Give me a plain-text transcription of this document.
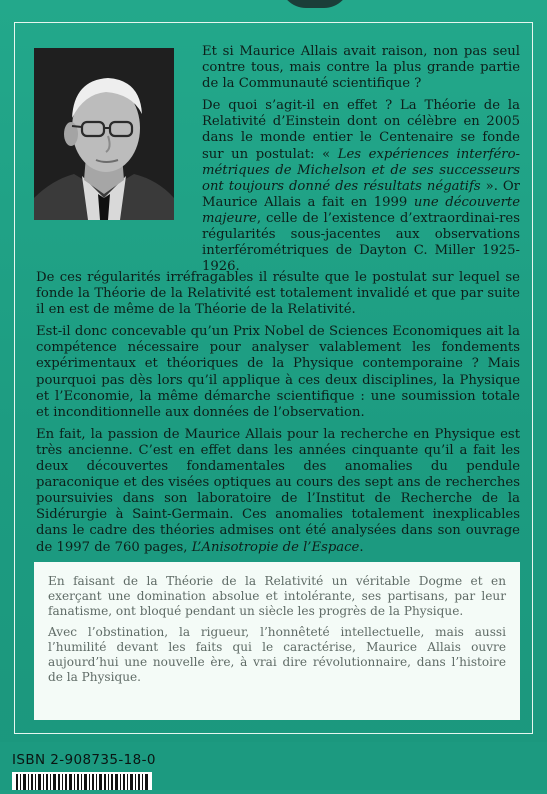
Et si Maurice Allais avait raison, non pas seul contre tous, mais contre la plus grande partie de la Communauté scientifique ?

De quoi s’agit-il en effet ? La Théorie de la Relativité d’Einstein dont on célèbre en 2005 dans le monde entier le Centenaire se fonde sur un postulat: « Les expériences interféro-métriques de Michelson et de ses successeurs ont toujours donné des résultats négatifs ». Or Maurice Allais a fait en 1999 une découverte majeure, celle de l’existence d’extraordinai-res régularités sous-jacentes aux observations interférométriques de Dayton C. Miller 1925-1926.

De ces régularités irréfragables il résulte que le postulat sur lequel se fonde la Théorie de la Relativité est totalement invalidé et que par suite il en est de même de la Théorie de la Relativité.

Est-il donc concevable qu’un Prix Nobel de Sciences Economiques ait la compétence nécessaire pour analyser valablement les fondements expérimentaux et théoriques de la Physique contemporaine ? Mais pourquoi pas dès lors qu’il applique à ces deux disciplines, la Physique et l’Economie, la même démarche scientifique : une soumission totale et inconditionnelle aux données de l’observation.

En fait, la passion de Maurice Allais pour la recherche en Physique est très ancienne. C’est en effet dans les années cinquante qu’il a fait les deux découvertes fondamentales des anomalies du pendule paraconique et des visées optiques au cours des sept ans de recherches poursuivies dans son laboratoire de l’Institut de Recherche de la Sidérurgie à Saint-Germain. Ces anomalies totalement inexplicables dans le cadre des théories admises ont été analysées dans son ouvrage de 1997 de 760 pages, L’Anisotropie de l’Espace.

En faisant de la Théorie de la Relativité un véritable Dogme et en exerçant une domination absolue et intolérante, ses partisans, par leur fanatisme, ont bloqué pendant un siècle les progrès de la Physique.

Avec l’obstination, la rigueur, l’honnêteté intellectuelle, mais aussi l’humilité devant les faits qui le caractérise, Maurice Allais ouvre aujourd’hui une nouvelle ère, à vrai dire révolutionnaire, dans l’histoire de la Physique.

ISBN 2-908735-18-0
